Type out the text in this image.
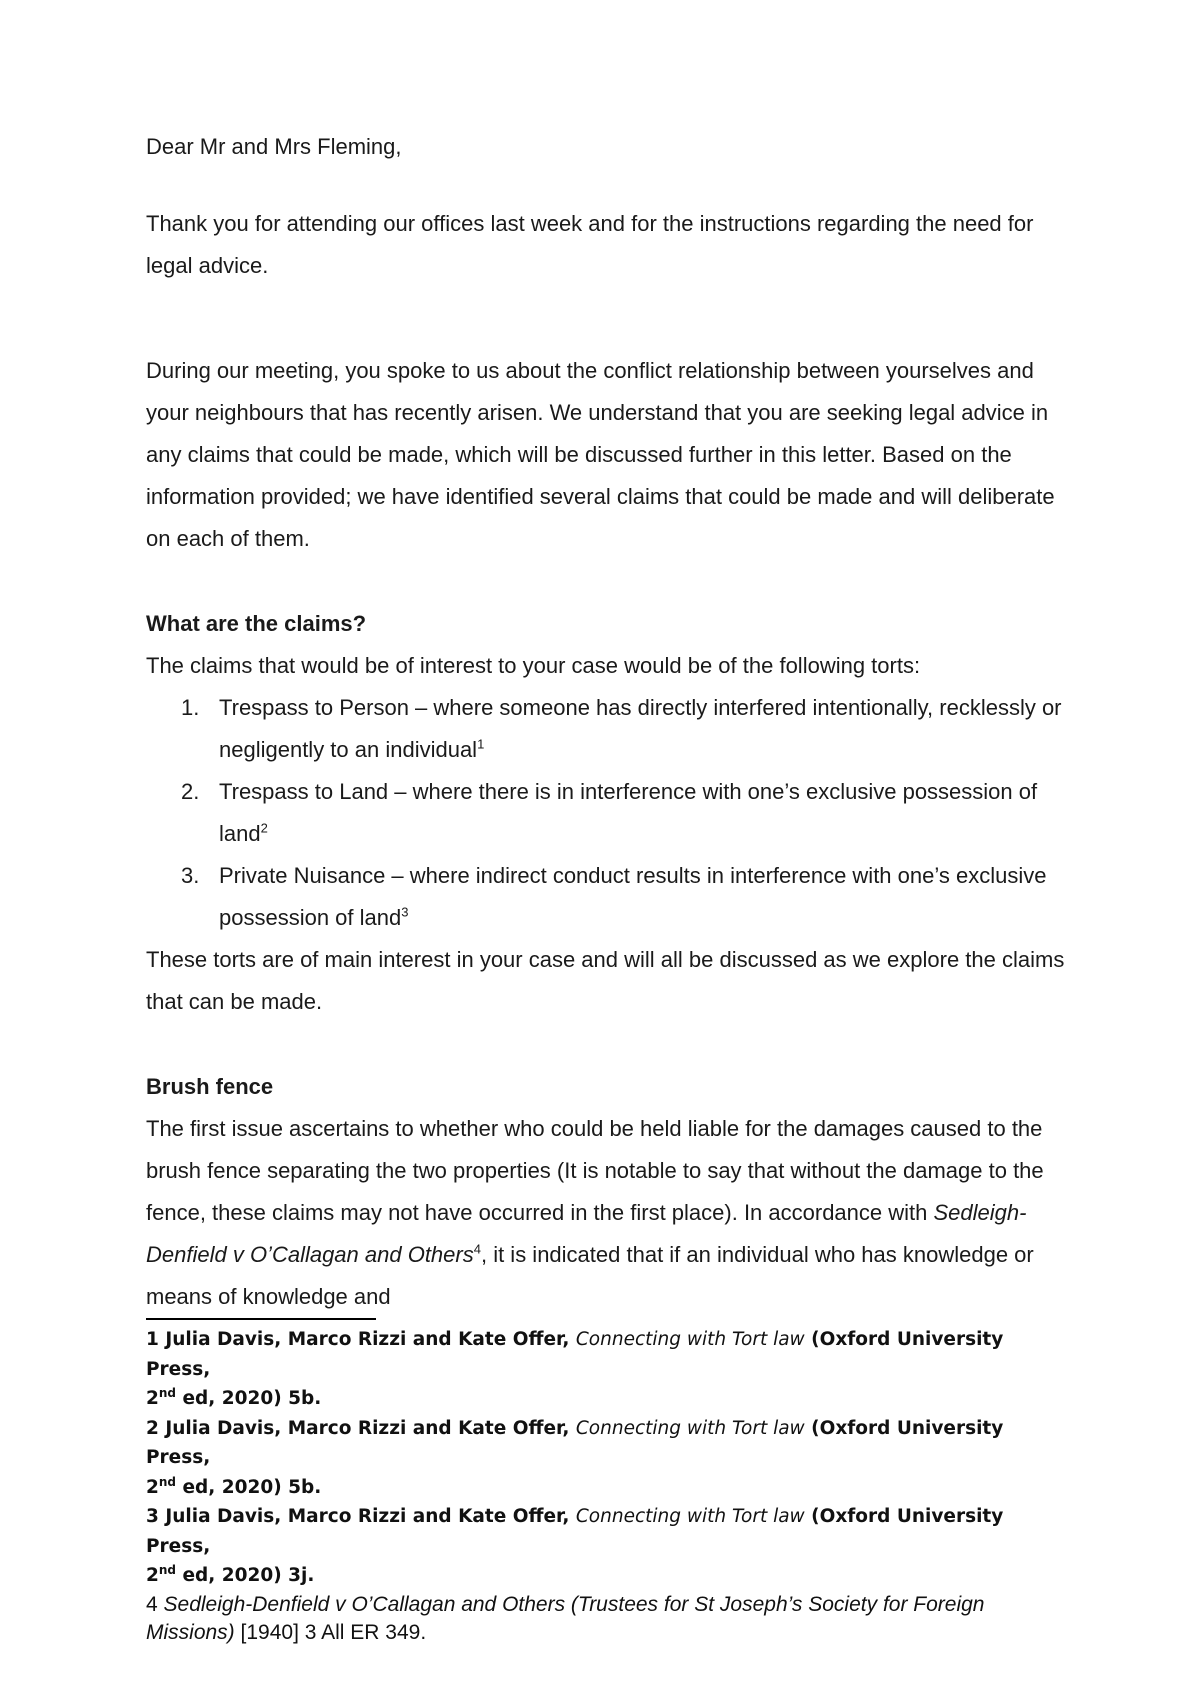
Dear Mr and Mrs Fleming,

Thank you for attending our offices last week and for the instructions regarding the need for legal advice.

During our meeting, you spoke to us about the conflict relationship between yourselves and your neighbours that has recently arisen. We understand that you are seeking legal advice in any claims that could be made, which will be discussed further in this letter. Based on the information provided; we have identified several claims that could be made and will deliberate on each of them.

What are the claims?

The claims that would be of interest to your case would be of the following torts:

1. Trespass to Person – where someone has directly interfered intentionally, recklessly or negligently to an individual$^1$
2. Trespass to Land – where there is in interference with one’s exclusive possession of land$^2$
3. Private Nuisance – where indirect conduct results in interference with one’s exclusive possession of land$^3$

These torts are of main interest in your case and will all be discussed as we explore the claims that can be made.

Brush fence

The first issue ascertains to whether who could be held liable for the damages caused to the brush fence separating the two properties (It is notable to say that without the damage to the fence, these claims may not have occurred in the first place). In accordance with Sedleigh-Denfield v O’Callagan and Others$^4$, it is indicated that if an individual who has knowledge or means of knowledge and

1 Julia Davis, Marco Rizzi and Kate Offer, Connecting with Tort law (Oxford University Press,
2nd ed, 2020) 5b.
2 Julia Davis, Marco Rizzi and Kate Offer, Connecting with Tort law (Oxford University Press,
2nd ed, 2020) 5b.
3 Julia Davis, Marco Rizzi and Kate Offer, Connecting with Tort law (Oxford University Press,
2nd ed, 2020) 3j.
4 Sedleigh-Denfield v O’Callagan and Others (Trustees for St Joseph’s Society for Foreign Missions) [1940] 3 All ER 349.
